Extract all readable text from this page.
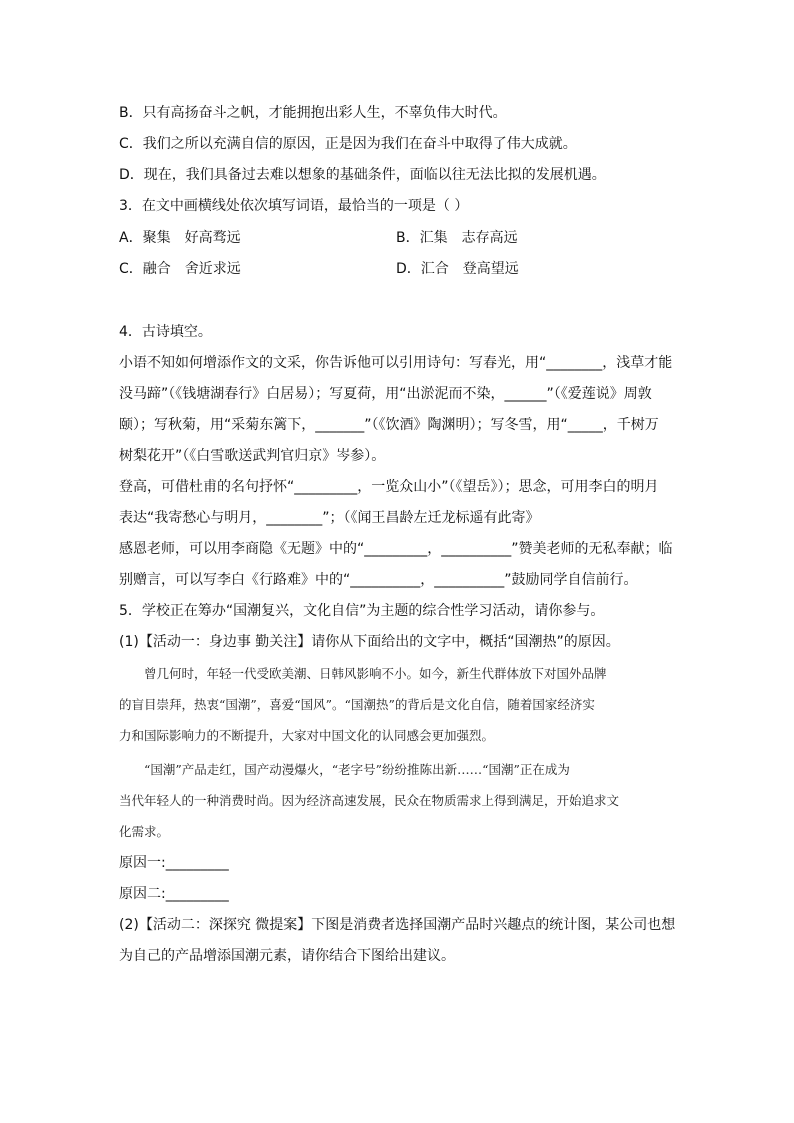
B．只有高扬奋斗之帆，才能拥抱出彩人生，不辜负伟大时代。
C．我们之所以充满自信的原因，正是因为我们在奋斗中取得了伟大成就。
D．现在，我们具备过去难以想象的基础条件，面临以往无法比拟的发展机遇。
3．在文中画横线处依次填写词语，最恰当的一项是（ ）
A．聚集　好高骛远	B．汇集　志存高远
C．融合　舍近求远	D．汇合　登高望远
4．古诗填空。
小语不知如何增添作文的文采，你告诉他可以引用诗句：写春光，用“________，浅草才能
没马蹄”（《钱塘湖春行》白居易）；写夏荷，用“出淤泥而不染，______”（《爱莲说》周敦
颐）；写秋菊，用“采菊东篱下，_______”（《饮酒》陶渊明）；写冬雪，用“_____，千树万
树梨花开”（《白雪歌送武判官归京》岑参）。
登高，可借杜甫的名句抒怀“_________，一览众山小”（《望岳》）；思念，可用李白的明月
表达“我寄愁心与明月，________”；（《闻王昌龄左迁龙标遥有此寄》
感恩老师，可以用李商隐《无题》中的“_________，__________”赞美老师的无私奉献；临
别赠言，可以写李白《行路难》中的“__________，__________”鼓励同学自信前行。
5．学校正在筹办“国潮复兴，文化自信”为主题的综合性学习活动，请你参与。
(1)【活动一：身边事 勤关注】请你从下面给出的文字中，概括“国潮热”的原因。
　　曾几何时，年轻一代受欧美潮、日韩风影响不小。如今，新生代群体放下对国外品牌
的盲目崇拜，热衷“国潮”，喜爱“国风”。“国潮热”的背后是文化自信，随着国家经济实
力和国际影响力的不断提升，大家对中国文化的认同感会更加强烈。
　　“国潮”产品走红，国产动漫爆火，“老字号”纷纷推陈出新……“国潮”正在成为
当代年轻人的一种消费时尚。因为经济高速发展，民众在物质需求上得到满足，开始追求文
化需求。
原因一:_________
原因二:_________
(2)【活动二：深探究 微提案】下图是消费者选择国潮产品时兴趣点的统计图，某公司也想
为自己的产品增添国潮元素，请你结合下图给出建议。
